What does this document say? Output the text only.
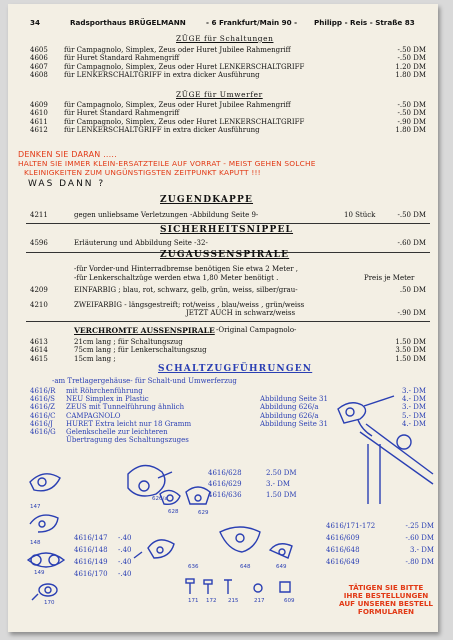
34	Radsporthaus BRÜGELMANN	- 6 Frankfurt/Main 90 - Philipp - Reis - Straße 83
ZÜGE für Schaltungen
4605 für Campagnolo, Simplex, Zeus oder Huret Jubilee Rahmengriff	-.50 DM
4606 für Huret Standard Rahmengriff	-.50 DM
4607 für Campagnolo, Simplex, Zeus oder Huret LENKERSCHALTGRIFF	1.20 DM
4608 für LENKERSCHALTGRIFF in extra dicker Ausführung	1.80 DM
ZÜGE für Umwerfer
4609 für Campagnolo, Simplex, Zeus oder Huret Jubilee Rahmengriff	-.50 DM
4610 für Huret Standard Rahmengriff	-.50 DM
4611 für Campagnolo, Simplex, Zeus oder Huret LENKERSCHALTGRIFF	-.90 DM
4612 für LENKERSCHALTGRIFF in extra dicker Ausführung	1.80 DM
DENKEN SIE DARAN .....
HALTEN SIE IMMER KLEIN-ERSATZTEILE AUF VORRAT - MEIST GEHEN SOLCHE
KLEINIGKEITEN ZUM UNGÜNSTIGSTEN ZEITPUNKT KAPUTT !!!
WAS DANN ?
ZUGENDKAPPE
4211	gegen unliebsame Verletzungen -Abbildung Seite 9-	10 Stück	-.50 DM
SICHERHEITSNIPPEL
4596	Erläuterung und Abbildung Seite -32-	-.60 DM
ZUGAUSSENSPIRALE
-für Vorder-und Hinterradbremse benötigen Sie etwa 2 Meter ,
-für Lenkerschaltzüge werden etwa 1,80 Meter benötigt .	Preis je Meter
4209	EINFARBIG ; blau, rot, schwarz, gelb, grün, weiss, silber/grau-	.50 DM
4210	ZWEIFARBIG - längsgestreift; rot/weiss , blau/weiss , grün/weiss
JETZT AUCH in schwarz/weiss	-.90 DM
VERCHROMTE AUSSENSPIRALE -Original Campagnolo-
4613	21cm lang ; für Schaltungszug	1.50 DM
4614	75cm lang ; für Lenkerschaltungszug	3.50 DM
4615	15cm lang ;	1.50 DM
SCHALTZUGFÜHRUNGEN
-am Tretlagergehäuse- für Schalt-und Umwerferzug
4616/R mit Röhrchenführung	3.- DM
4616/S NEU Simplex in Plastic	Abbildung Seite 31	4.- DM
4616/Z ZEUS mit Tunnelführung ähnlich	Abbildung 626/a	3.- DM
4616/C CAMPAGNOLO	Abbildung 626/a	5.- DM
4616/J HURET Extra leicht nur 18 Gramm	Abbildung Seite 31	4.- DM
4616/G Gelenkschelle zur leichteren
Übertragung des Schaltungszuges
147
626/a
628	629
148
149
170
636	648	649
171 172 215	217	609
4616/628	2.50 DM
4616/629	3.- DM
4616/636	1.50 DM
4616/147 -.40
4616/148 -.40
4616/149 -.40
4616/170 -.40
4616/171-172	-.25 DM
4616/609	-.60 DM
4616/648	3.- DM
4616/649	-.80 DM
TÄTIGEN SIE BITTE
IHRE BESTELLUNGEN
AUF UNSEREN BESTELL
FORMULAREN
